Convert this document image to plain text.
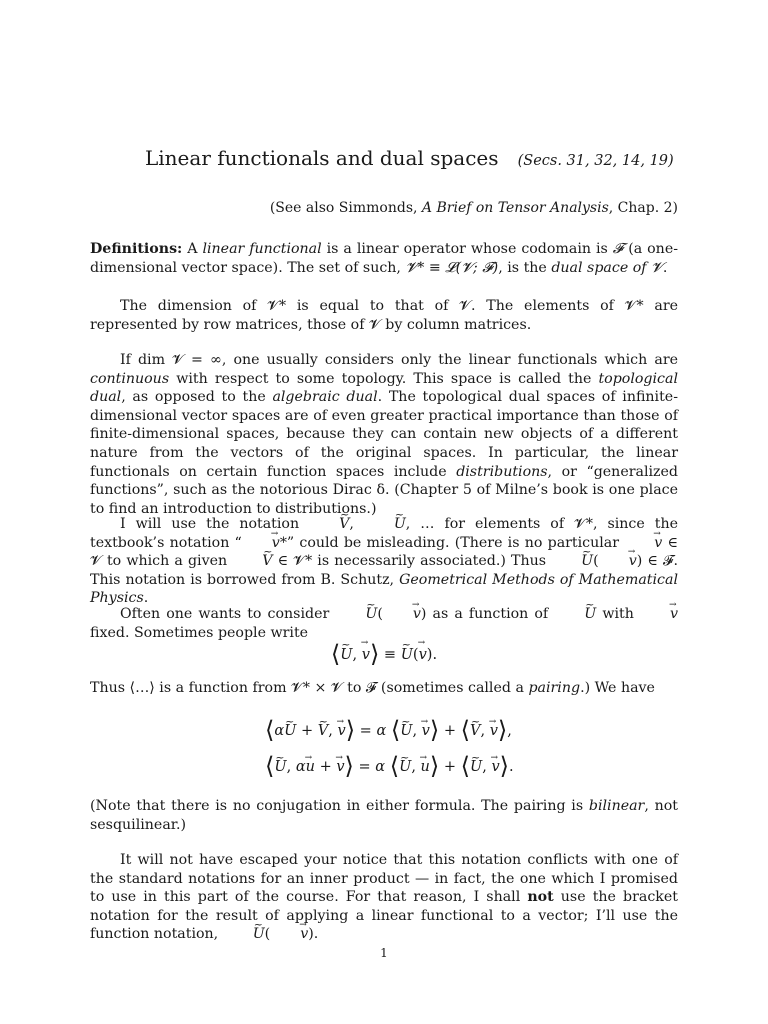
Linear functionals and dual spaces (Secs. 31, 32, 14, 19)
(See also Simmonds, A Brief on Tensor Analysis, Chap. 2)

Definitions: A linear functional is a linear operator whose codomain is 𝓕 (a one-dimensional vector space). The set of such, 𝓥* ≡ 𝓛(𝓥; 𝓕), is the dual space of 𝓥.

The dimension of 𝓥* is equal to that of 𝓥. The elements of 𝓥* are represented by row matrices, those of 𝓥 by column matrices.

If dim 𝓥 = ∞, one usually considers only the linear functionals which are continuous with respect to some topology. This space is called the topological dual, as opposed to the algebraic dual. The topological dual spaces of infinite-dimensional vector spaces are of even greater practical importance than those of finite-dimensional spaces, because they can contain new objects of a different nature from the vectors of the original spaces. In particular, the linear functionals on certain function spaces include distributions, or “generalized functions”, such as the notorious Dirac δ. (Chapter 5 of Milne’s book is one place to find an introduction to distributions.)

I will use the notation ~ V, ~ U, … for elements of 𝓥*, since the textbook’s notation “ → v*” could be misleading. (There is no particular → v ∈ 𝓥 to which a given ~ V ∈ 𝓥* is necessarily associated.) Thus ~ U( → v) ∈ 𝓕. This notation is borrowed from B. Schutz, Geometrical Methods of Mathematical Physics.

Often one wants to consider ~ U( → v) as a function of ~ U with → v fixed. Sometimes people write

⟨~ U, → v⟩ ≡ ~ U(→ v).

Thus ⟨…⟩ is a function from 𝓥* × 𝓥 to 𝓕 (sometimes called a pairing.) We have

⟨α~ U + ~ V, → v⟩ = α ⟨~ U, → v⟩ + ⟨~ V, → v⟩,
⟨~ U, α→ u + → v⟩ = α ⟨~ U, → u⟩ + ⟨~ U, → v⟩.

(Note that there is no conjugation in either formula. The pairing is bilinear, not sesquilinear.)

It will not have escaped your notice that this notation conflicts with one of the standard notations for an inner product — in fact, the one which I promised to use in this part of the course. For that reason, I shall not use the bracket notation for the result of applying a linear functional to a vector; I’ll use the function notation, ~ U( → v).

1
